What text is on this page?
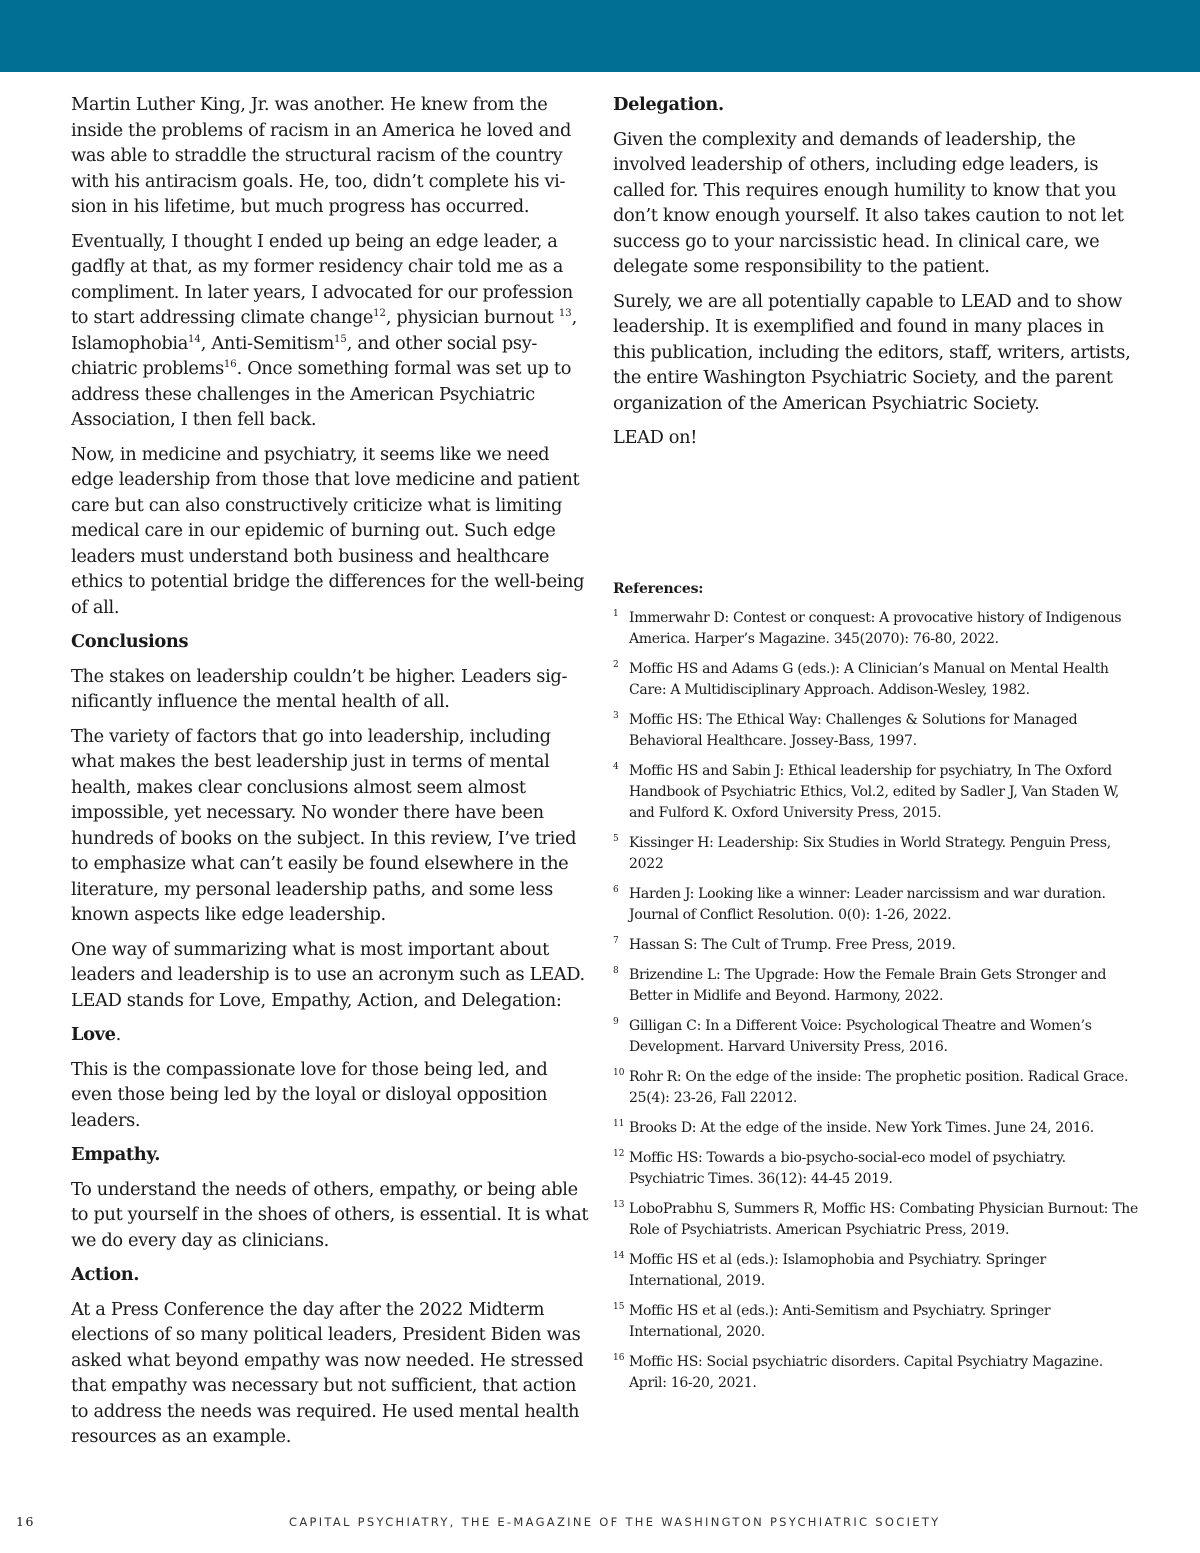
Martin Luther King, Jr. was another. He knew from the inside the problems of racism in an America he loved and was able to straddle the structural racism of the country with his antiracism goals. He, too, didn’t complete his vi-
sion in his lifetime, but much progress has occurred.

Eventually, I thought I ended up being an edge leader, a gadfly at that, as my former residency chair told me as a compliment. In later years, I advocated for our profession to start addressing climate change$^{12}$, physician burnout $^{13}$, Islamophobia$^{14}$, Anti-Semitism$^{15}$, and other social psy-
chiatric problems$^{16}$. Once something formal was set up to address these challenges in the American Psychiatric Association, I then fell back.

Now, in medicine and psychiatry, it seems like we need edge leadership from those that love medicine and patient care but can also constructively criticize what is limiting medical care in our epidemic of burning out. Such edge leaders must understand both business and healthcare ethics to potential bridge the differences for the well-being of all.

Conclusions

The stakes on leadership couldn’t be higher. Leaders sig-
nificantly influence the mental health of all.

The variety of factors that go into leadership, including what makes the best leadership just in terms of mental health, makes clear conclusions almost seem almost impossible, yet necessary. No wonder there have been hundreds of books on the subject. In this review, I’ve tried to emphasize what can’t easily be found elsewhere in the literature, my personal leadership paths, and some less known aspects like edge leadership.

One way of summarizing what is most important about leaders and leadership is to use an acronym such as LEAD. LEAD stands for Love, Empathy, Action, and Delegation:

Love.

This is the compassionate love for those being led, and even those being led by the loyal or disloyal opposition leaders.

Empathy.

To understand the needs of others, empathy, or being able to put yourself in the shoes of others, is essential. It is what we do every day as clinicians.

Action.

At a Press Conference the day after the 2022 Midterm elections of so many political leaders, President Biden was asked what beyond empathy was now needed. He stressed that empathy was necessary but not sufficient, that action to address the needs was required. He used mental health resources as an example.

Delegation.

Given the complexity and demands of leadership, the involved leadership of others, including edge leaders, is called for. This requires enough humility to know that you don’t know enough yourself. It also takes caution to not let success go to your narcissistic head. In clinical care, we delegate some responsibility to the patient.

Surely, we are all potentially capable to LEAD and to show leadership. It is exemplified and found in many places in this publication, including the editors, staff, writers, artists, the entire Washington Psychiatric Society, and the parent organization of the American Psychiatric Society.

LEAD on!

References:
1 Immerwahr D: Contest or conquest: A provocative history of Indigenous America. Harper’s Magazine. 345(2070): 76-80, 2022.
2 Moffic HS and Adams G (eds.): A Clinician’s Manual on Mental Health Care: A Multidisciplinary Approach. Addison-Wesley, 1982.
3 Moffic HS: The Ethical Way: Challenges & Solutions for Managed Behavioral Healthcare. Jossey-Bass, 1997.
4 Moffic HS and Sabin J: Ethical leadership for psychiatry, In The Oxford Handbook of Psychiatric Ethics, Vol.2, edited by Sadler J, Van Staden W, and Fulford K. Oxford University Press, 2015.
5 Kissinger H: Leadership: Six Studies in World Strategy. Penguin Press, 2022
6 Harden J: Looking like a winner: Leader narcissism and war duration. Journal of Conflict Resolution. 0(0): 1-26, 2022.
7 Hassan S: The Cult of Trump. Free Press, 2019.
8 Brizendine L: The Upgrade: How the Female Brain Gets Stronger and Better in Midlife and Beyond. Harmony, 2022.
9 Gilligan C: In a Different Voice: Psychological Theatre and Women’s Development. Harvard University Press, 2016.
10 Rohr R: On the edge of the inside: The prophetic position. Radical Grace. 25(4): 23-26, Fall 22012.
11 Brooks D: At the edge of the inside. New York Times. June 24, 2016.
12 Moffic HS: Towards a bio-psycho-social-eco model of psychiatry. Psychiatric Times. 36(12): 44-45 2019.
13 LoboPrabhu S, Summers R, Moffic HS: Combating Physician Burnout: The Role of Psychiatrists. American Psychiatric Press, 2019.
14 Moffic HS et al (eds.): Islamophobia and Psychiatry. Springer International, 2019.
15 Moffic HS et al (eds.): Anti-Semitism and Psychiatry. Springer International, 2020.
16 Moffic HS: Social psychiatric disorders. Capital Psychiatry Magazine. April: 16-20, 2021.
16	CAPITAL PSYCHIATRY, THE E-MAGAZINE OF THE WASHINGTON PSYCHIATRIC SOCIETY
